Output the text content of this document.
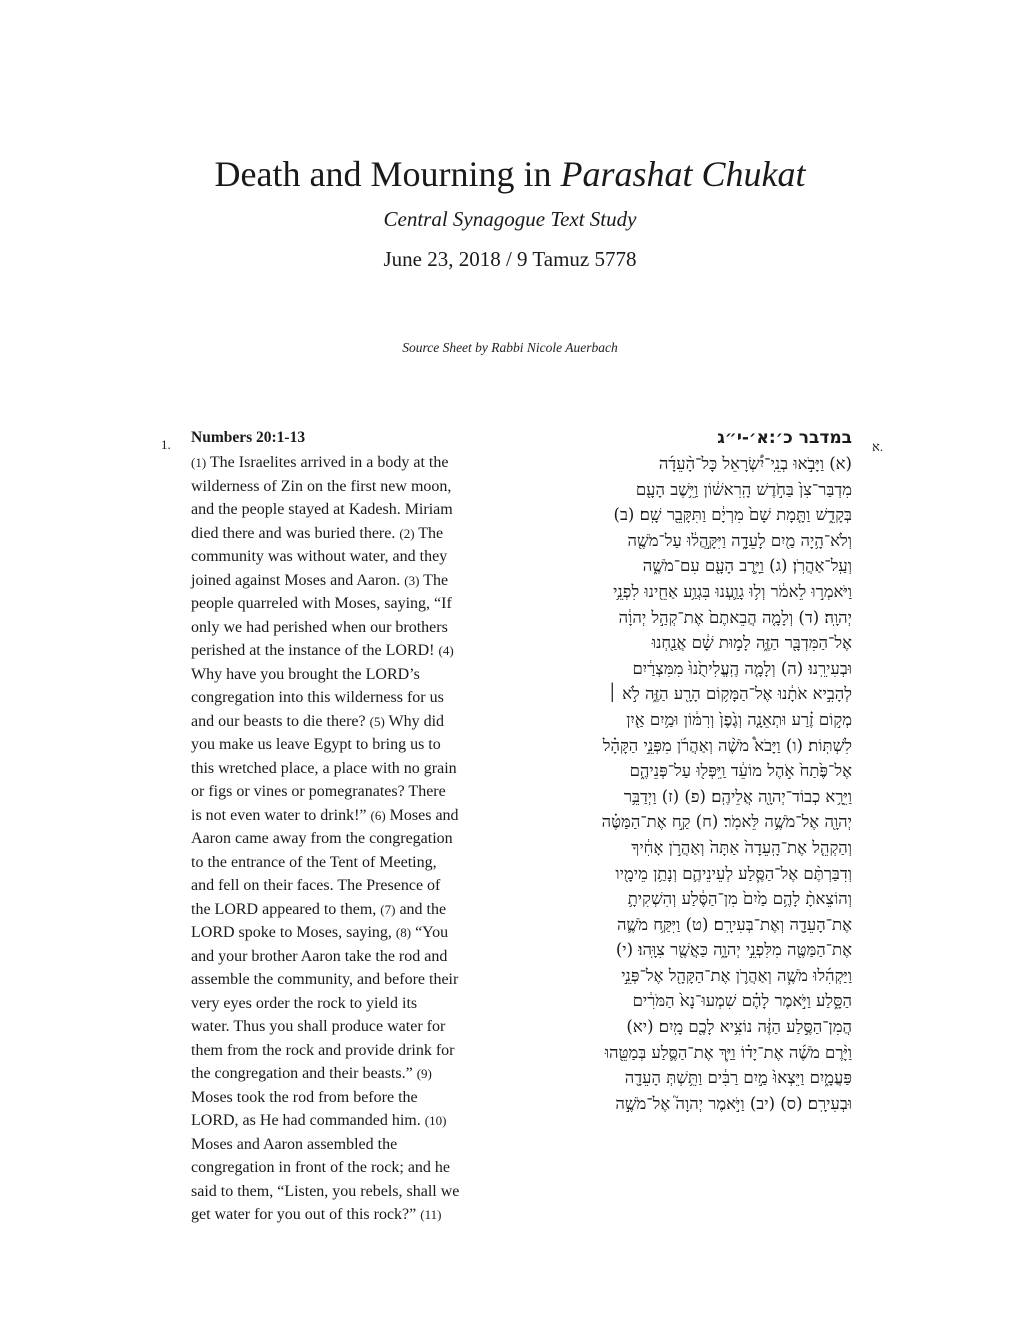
Death and Mourning in Parashat Chukat
Central Synagogue Text Study
June 23, 2018 / 9 Tamuz 5778
Source Sheet by Rabbi Nicole Auerbach
1.	א.
Numbers 20:1-13
(1) The Israelites arrived in a body at the
wilderness of Zin on the first new moon,
and the people stayed at Kadesh. Miriam
died there and was buried there. (2) The
community was without water, and they
joined against Moses and Aaron. (3) The
people quarreled with Moses, saying, “If
only we had perished when our brothers
perished at the instance of the LORD! (4)
Why have you brought the LORD’s
congregation into this wilderness for us
and our beasts to die there? (5) Why did
you make us leave Egypt to bring us to
this wretched place, a place with no grain
or figs or vines or pomegranates? There
is not even water to drink!” (6) Moses and
Aaron came away from the congregation
to the entrance of the Tent of Meeting,
and fell on their faces. The Presence of
the LORD appeared to them, (7) and the
LORD spoke to Moses, saying, (8) “You
and your brother Aaron take the rod and
assemble the community, and before their
very eyes order the rock to yield its
water. Thus you shall produce water for
them from the rock and provide drink for
the congregation and their beasts.” (9)
Moses took the rod from before the
LORD, as He had commanded him. (10)
Moses and Aaron assembled the
congregation in front of the rock; and he
said to them, “Listen, you rebels, shall we
get water for you out of this rock?” (11)
במדבר כ׳:א׳-י״ג
(א) וַיָּבֹ֣אוּ בְנֵֽי־יִ֠שְׂרָאֵל כָּל־הָ֨עֵדָ֜ה
מִדְבַּר־צִן֙ בַּחֹ֣דֶשׁ הָֽרִאשׁ֔וֹן וַיֵּ֥שֶׁב הָעָ֖ם
בְּקָדֵ֑שׁ וַתָּ֤מָת שָׁם֙ מִרְיָ֔ם וַתִּקָּבֵ֖ר שָֽׁם׃ (ב)
וְלֹא־הָ֥יָה מַ֖יִם לָעֵדָ֑ה וַיִּקָּ֣הֲל֔וּ עַל־מֹשֶׁ֖ה
וְעַֽל־אַהֲרֹֽן׃ (ג) וַיָּ֥רֶב הָעָ֖ם עִם־מֹשֶׁ֑ה
וַיֹּאמְר֣וּ לֵאמֹ֔ר וְל֥וּ גָוַ֛עְנוּ בִּגְוַ֥ע אַחֵ֖ינוּ לִפְנֵ֥י
יְהוָֽה׃ (ד) וְלָמָ֤ה הֲבֵאתֶם֙ אֶת־קְהַ֣ל יְהוָ֔ה
אֶל־הַמִּדְבָּ֖ר הַזֶּ֑ה לָמ֣וּת שָׁ֔ם אֲנַ֖חְנוּ
וּבְעִירֵֽנוּ׃ (ה) וְלָמָ֤ה הֶֽעֱלִיתֻ֙נוּ֙ מִמִּצְרַ֔יִם
לְהָבִ֣יא אֹתָ֔נוּ אֶל־הַמָּק֥וֹם הָרָ֖ע הַזֶּ֑ה לֹ֣א ׀
מְק֣וֹם זֶ֗רַע וּתְאֵנָ֤ה וְגֶ֙פֶן֙ וְרִמּ֔וֹן וּמַ֥יִם אַ֖יִן
לִשְׁתּֽוֹת׃ (ו) וַיָּבֹא֩ מֹשֶׁ֨ה וְאַהֲרֹ֜ן מִפְּנֵ֣י הַקָּהָ֗ל
אֶל־פֶּ֙תַח֙ אֹ֣הֶל מוֹעֵ֔ד וַֽיִּפְּל֖וּ עַל־פְּנֵיהֶ֑ם
וַיֵּרָ֥א כְבוֹד־יְהוָ֖ה אֲלֵיהֶֽם׃ (פ) (ז) וַיְדַבֵּ֥ר
יְהוָ֖ה אֶל־מֹשֶׁ֥ה לֵּאמֹֽר׃ (ח) קַ֣ח אֶת־הַמַּטֶּ֗ה
וְהַקְהֵ֤ל אֶת־הָֽעֵדָה֙ אַתָּה֙ וְאַהֲרֹ֣ן אָחִ֔יךָ
וְדִבַּרְתֶּ֨ם אֶל־הַסֶּ֧לַע לְעֵינֵיהֶ֛ם וְנָתַ֥ן מֵימָ֖יו
וְהוֹצֵאתָ֨ לָהֶ֥ם מַ֙יִם֙ מִן־הַסֶּ֔לַע וְהִשְׁקִיתָ֥
אֶת־הָעֵדָ֖ה וְאֶת־בְּעִירָֽם׃ (ט) וַיִּקַּ֥ח מֹשֶׁ֛ה
אֶת־הַמַּטֶּ֖ה מִלִּפְנֵ֣י יְהוָ֑ה כַּאֲשֶׁ֖ר צִוָּֽהוּ׃ (י)
וַיַּקְהִ֜לוּ מֹשֶׁ֧ה וְאַהֲרֹ֛ן אֶת־הַקָּהָ֖ל אֶל־פְּנֵ֣י
הַסָּ֑לַע וַיֹּ֣אמֶר לָהֶ֗ם שִׁמְעוּ־נָא֙ הַמֹּרִ֔ים
הֲמִן־הַסֶּ֣לַע הַזֶּ֔ה נוֹצִ֥יא לָכֶ֖ם מָֽיִם׃ (יא)
וַיָּ֨רֶם מֹשֶׁ֜ה אֶת־יָד֗וֹ וַיַּ֧ךְ אֶת־הַסֶּ֛לַע בְּמַטֵּ֖הוּ
פַּעֲמָ֑יִם וַיֵּצְאוּ֙ מַ֣יִם רַבִּ֔ים וַתֵּ֥שְׁתְּ הָעֵדָ֖ה
וּבְעִירָֽם׃ (ס) (יב) וַיֹּ֣אמֶר יְהוָה֮ אֶל־מֹשֶׁ֣ה
